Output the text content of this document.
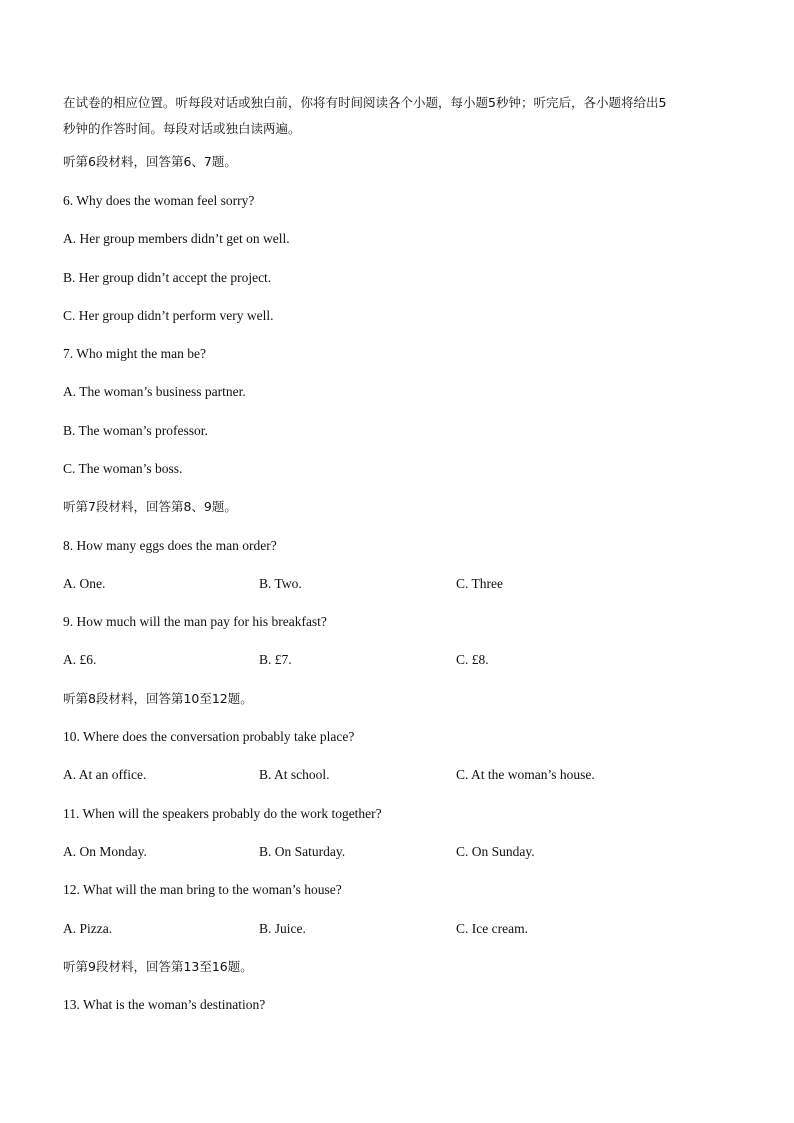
在试卷的相应位置。听每段对话或独白前，你将有时间阅读各个小题，每小题5秒钟；听完后，各小题将给出5
秒钟的作答时间。每段对话或独白读两遍。
听第6段材料，回答第6、7题。
6. Why does the woman feel sorry?
A. Her group members didn’t get on well.
B. Her group didn’t accept the project.
C. Her group didn’t perform very well.
7. Who might the man be?
A. The woman’s business partner.
B. The woman’s professor.
C. The woman’s boss.
听第7段材料，回答第8、9题。
8. How many eggs does the man order?
A. One.	B. Two.	C. Three
9. How much will the man pay for his breakfast?
A. £6.	B. £7.	C. £8.
听第8段材料，回答第10至12题。
10. Where does the conversation probably take place?
A. At an office.	B. At school.	C. At the woman’s house.
11. When will the speakers probably do the work together?
A. On Monday.	B. On Saturday.	C. On Sunday.
12. What will the man bring to the woman’s house?
A. Pizza.	B. Juice.	C. Ice cream.
听第9段材料，回答第13至16题。
13. What is the woman’s destination?
